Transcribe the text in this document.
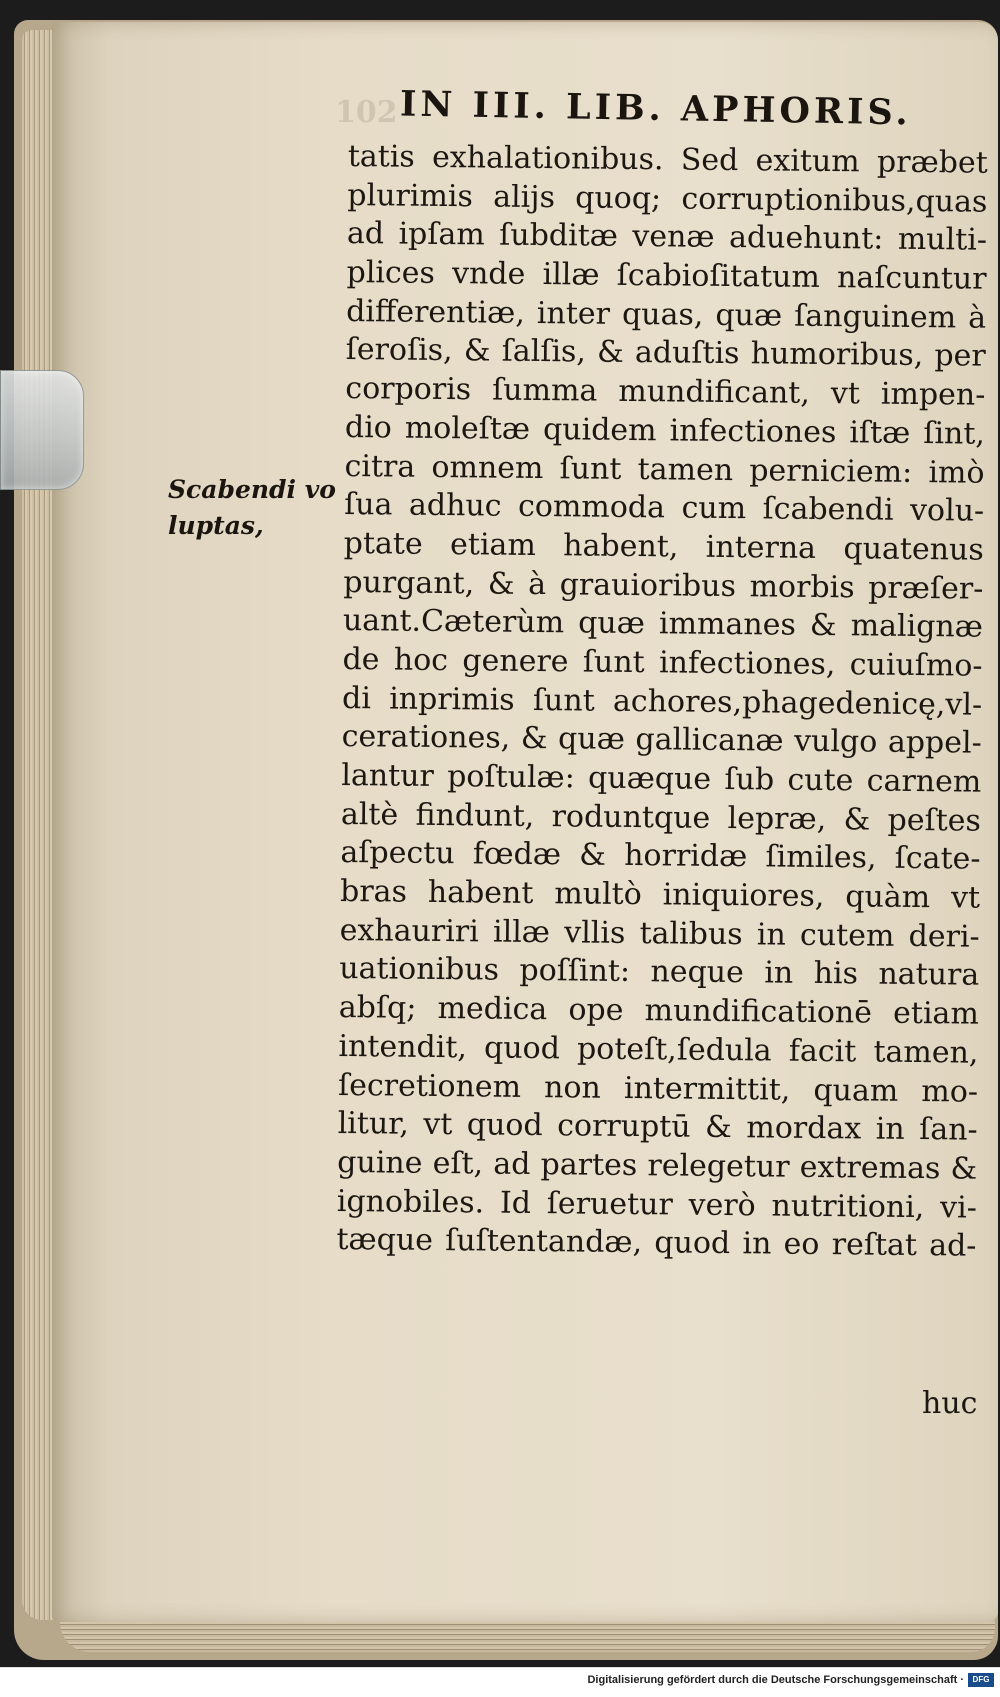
102 IN III. LIB. APHORIS.
Scabendi vo
luptas,
tatis exhalationibus. Sed exitum præbet
plurimis alijs quoq; corruptionibus,quas
ad ipſam ſubditæ venæ aduehunt: multi-
plices vnde illæ ſcabioſitatum naſcuntur
differentiæ, inter quas, quæ ſanguinem à
ſeroſis, & ſalſis, & aduſtis humoribus, per
corporis ſumma mundificant, vt impen-
dio moleſtæ quidem infectiones iſtæ ſint,
citra omnem ſunt tamen perniciem: imò
ſua adhuc commoda cum ſcabendi volu-
ptate etiam habent, interna quatenus
purgant, & à grauioribus morbis præſer-
uant.Cæterùm quæ immanes & malignæ
de hoc genere ſunt infectiones, cuiuſmo-
di inprimis ſunt achores,phagedenicę,vl-
cerationes, & quæ gallicanæ vulgo appel-
lantur poſtulæ: quæque ſub cute carnem
altè findunt, roduntque lepræ, & peſtes
aſpectu fœdæ & horridæ ſimiles, ſcate-
bras habent multò iniquiores, quàm vt
exhauriri illæ vllis talibus in cutem deri-
uationibus poſſint: neque in his natura
abſq; medica ope mundificationē etiam
intendit, quod poteſt,ſedula facit tamen,
ſecretionem non intermittit, quam mo-
litur, vt quod corruptū & mordax in ſan-
guine eſt, ad partes relegetur extremas &
ignobiles. Id ſeruetur verò nutritioni, vi-
tæque ſuſtentandæ, quod in eo reſtat ad-
huc
Digitalisierung gefördert durch die Deutsche Forschungsgemeinschaft ·	DFG
